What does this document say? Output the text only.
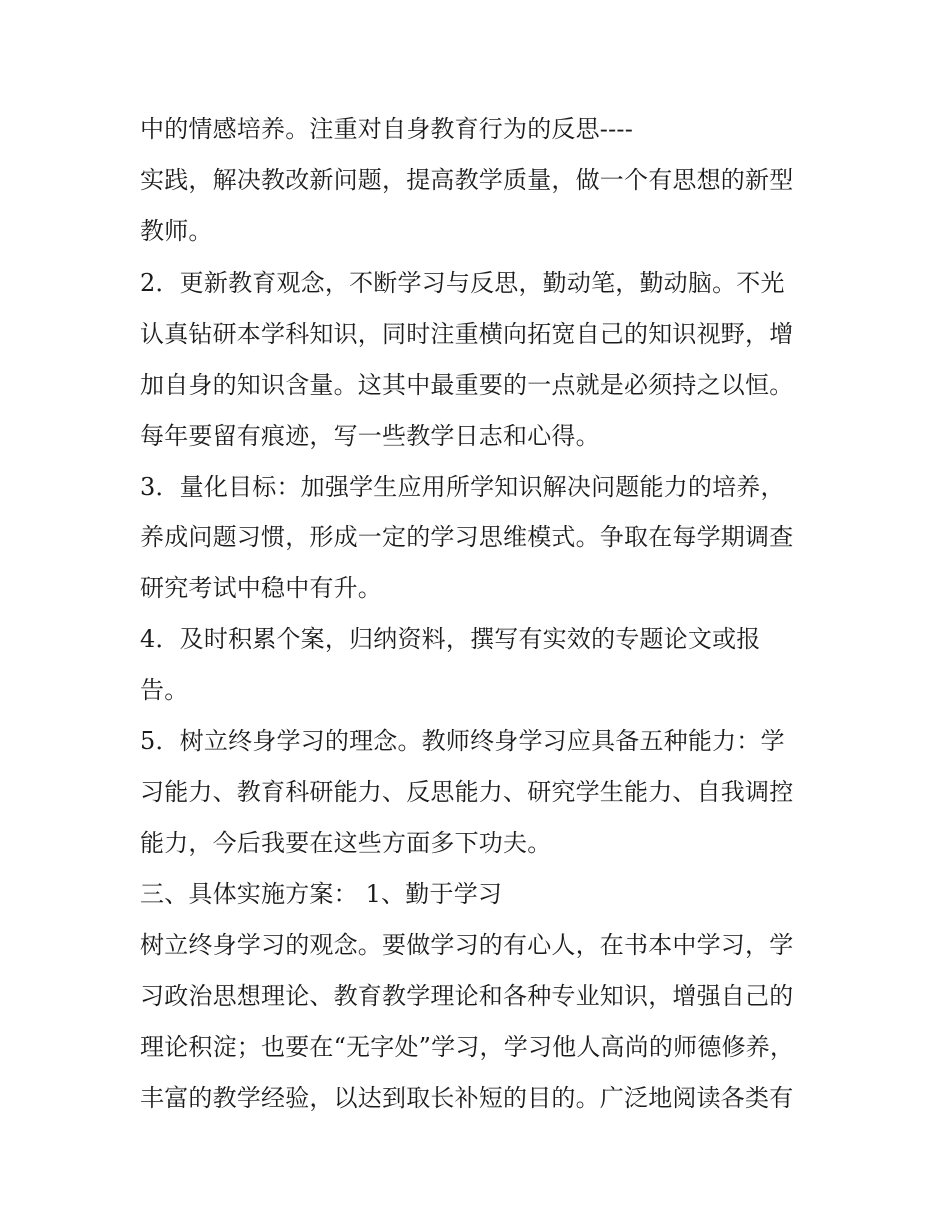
中的情感培养。注重对自身教育行为的反思----
实践，解决教改新问题，提高教学质量，做一个有思想的新型
教师。
2．更新教育观念，不断学习与反思，勤动笔，勤动脑。不光
认真钻研本学科知识，同时注重横向拓宽自己的知识视野，增
加自身的知识含量。这其中最重要的一点就是必须持之以恒。
每年要留有痕迹，写一些教学日志和心得。
3．量化目标：加强学生应用所学知识解决问题能力的培养，
养成问题习惯，形成一定的学习思维模式。争取在每学期调查
研究考试中稳中有升。
4．及时积累个案，归纳资料，撰写有实效的专题论文或报
告。
5．树立终身学习的理念。教师终身学习应具备五种能力：学
习能力、教育科研能力、反思能力、研究学生能力、自我调控
能力，今后我要在这些方面多下功夫。
三、具体实施方案： 1、勤于学习
树立终身学习的观念。要做学习的有心人，在书本中学习，学
习政治思想理论、教育教学理论和各种专业知识，增强自己的
理论积淀；也要在“无字处”学习，学习他人高尚的师德修养，
丰富的教学经验，以达到取长补短的目的。广泛地阅读各类有
